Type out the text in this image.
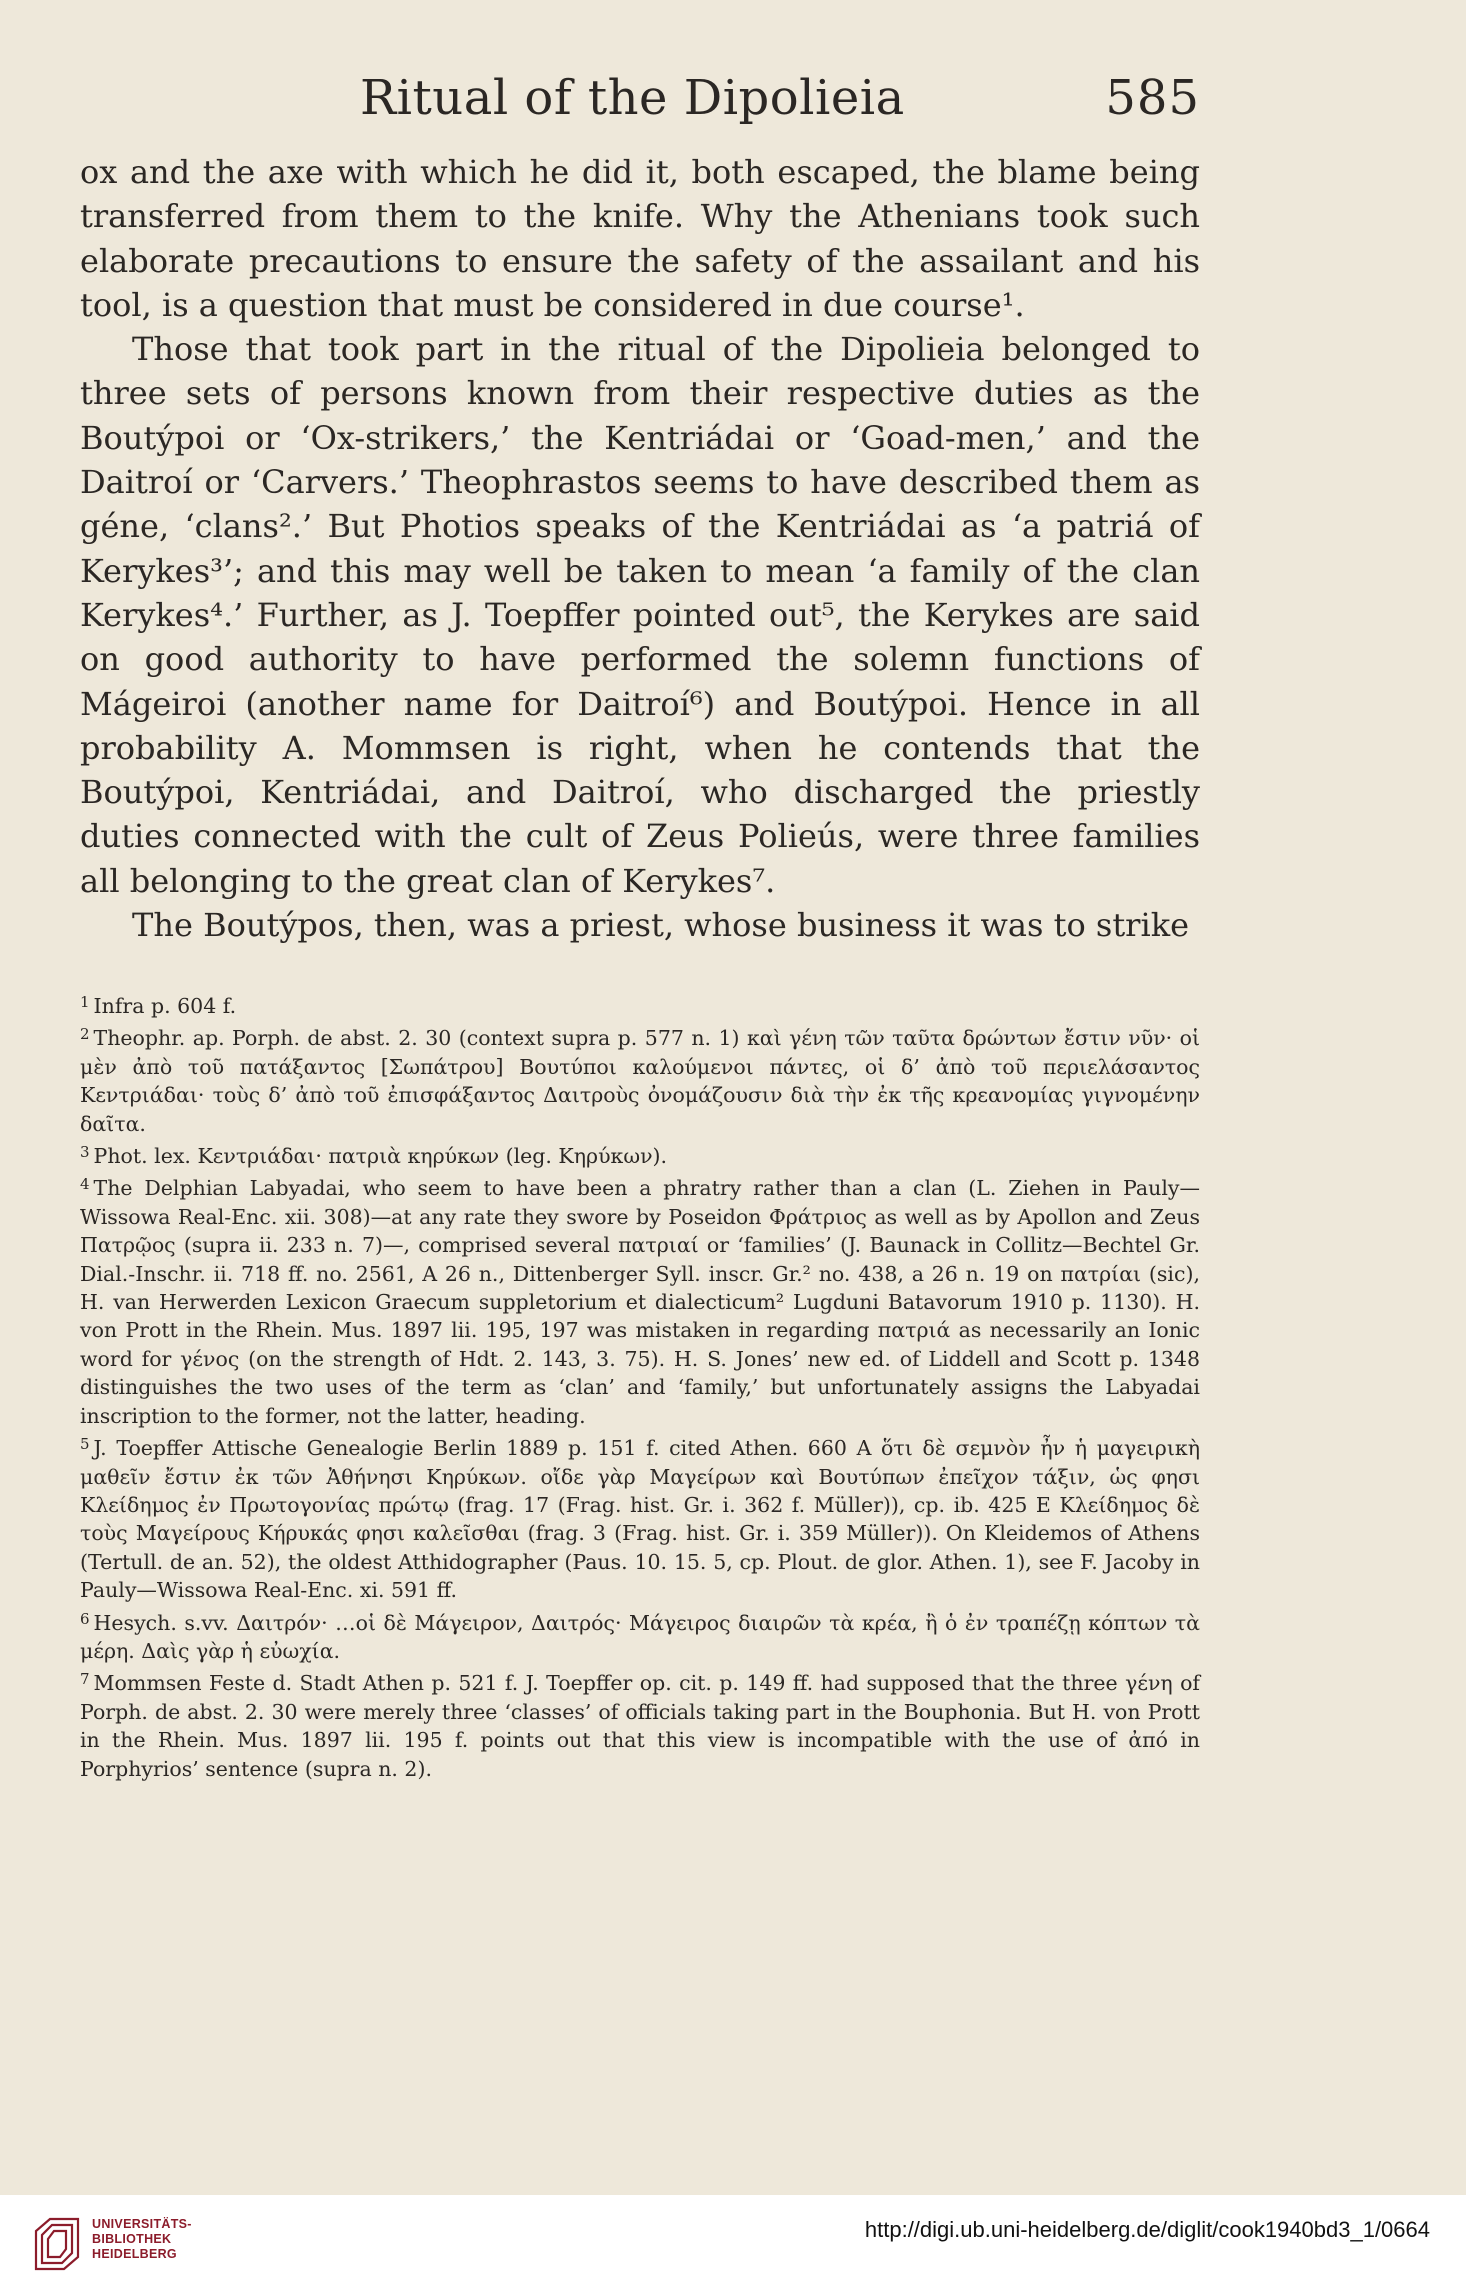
Ritual of the Dipolieia	585

ox and the axe with which he did it, both escaped, the blame being transferred from them to the knife. Why the Athenians took such elaborate precautions to ensure the safety of the assailant and his tool, is a question that must be considered in due course¹.

Those that took part in the ritual of the Dipolieia belonged to three sets of persons known from their respective duties as the Boutýpoi or ‘Ox-strikers,’ the Kentriádai or ‘Goad-men,’ and the Daitroí or ‘Carvers.’ Theophrastos seems to have described them as géne, ‘clans².’ But Photios speaks of the Kentriádai as ‘a patriá of Kerykes³’; and this may well be taken to mean ‘a family of the clan Kerykes⁴.’ Further, as J. Toepffer pointed out⁵, the Kerykes are said on good authority to have performed the solemn functions of Mágeiroi (another name for Daitroí⁶) and Boutýpoi. Hence in all probability A. Mommsen is right, when he contends that the Boutýpoi, Kentriádai, and Daitroí, who discharged the priestly duties connected with the cult of Zeus Polieús, were three families all belonging to the great clan of Kerykes⁷.

The Boutýpos, then, was a priest, whose business it was to strike

$^1$ Infra p. 604 f.

$^2$ Theophr. ap. Porph. de abst. 2. 30 (context supra p. 577 n. 1) καὶ γένη τῶν ταῦτα δρώντων ἔστιν νῦν· οἱ μὲν ἀπὸ τοῦ πατάξαντος [Σωπάτρου] Βουτύποι καλούμενοι πάντες, οἱ δ’ ἀπὸ τοῦ περιελάσαντος Κεντριάδαι· τοὺς δ’ ἀπὸ τοῦ ἐπισφάξαντος Δαιτροὺς ὀνομάζουσιν διὰ τὴν ἐκ τῆς κρεανομίας γιγνομένην δαῖτα.

$^3$ Phot. lex. Κεντριάδαι· πατριὰ κηρύκων (leg. Κηρύκων).

$^4$ The Delphian Labyadai, who seem to have been a phratry rather than a clan (L. Ziehen in Pauly—Wissowa Real-Enc. xii. 308)—at any rate they swore by Poseidon Φράτριος as well as by Apollon and Zeus Πατρῷος (supra ii. 233 n. 7)—, comprised several πατριαί or ‘families’ (J. Baunack in Collitz—Bechtel Gr. Dial.-Inschr. ii. 718 ff. no. 2561, A 26 n., Dittenberger Syll. inscr. Gr.² no. 438, a 26 n. 19 on πατρίαι (sic), H. van Herwerden Lexicon Graecum suppletorium et dialecticum² Lugduni Batavorum 1910 p. 1130). H. von Prott in the Rhein. Mus. 1897 lii. 195, 197 was mistaken in regarding πατριά as necessarily an Ionic word for γένος (on the strength of Hdt. 2. 143, 3. 75). H. S. Jones’ new ed. of Liddell and Scott p. 1348 distinguishes the two uses of the term as ‘clan’ and ‘family,’ but unfortunately assigns the Labyadai inscription to the former, not the latter, heading.

$^5$ J. Toepffer Attische Genealogie Berlin 1889 p. 151 f. cited Athen. 660 A ὅτι δὲ σεμνὸν ἦν ἡ μαγειρικὴ μαθεῖν ἔστιν ἐκ τῶν Ἀθήνησι Κηρύκων. οἴδε γὰρ Μαγείρων καὶ Βουτύπων ἐπεῖχον τάξιν, ὡς φησι Κλείδημος ἐν Πρωτογονίας πρώτῳ (frag. 17 (Frag. hist. Gr. i. 362 f. Müller)), cp. ib. 425 E Κλείδημος δὲ τοὺς Μαγείρους Κήρυκάς φησι καλεῖσθαι (frag. 3 (Frag. hist. Gr. i. 359 Müller)). On Kleidemos of Athens (Tertull. de an. 52), the oldest Atthidographer (Paus. 10. 15. 5, cp. Plout. de glor. Athen. 1), see F. Jacoby in Pauly—Wissowa Real-Enc. xi. 591 ff.

$^6$ Hesych. s.vv. Δαιτρόν· …οἱ δὲ Μάγειρον, Δαιτρός· Μάγειρος διαιρῶν τὰ κρέα, ἢ ὁ ἐν τραπέζῃ κόπτων τὰ μέρη. Δαὶς γὰρ ἡ εὐωχία.

$^7$ Mommsen Feste d. Stadt Athen p. 521 f. J. Toepffer op. cit. p. 149 ff. had supposed that the three γένη of Porph. de abst. 2. 30 were merely three ‘classes’ of officials taking part in the Bouphonia. But H. von Prott in the Rhein. Mus. 1897 lii. 195 f. points out that this view is incompatible with the use of ἀπό in Porphyrios’ sentence (supra n. 2).

UNIVERSITÄTS-
BIBLIOTHEK
HEIDELBERG
http://digi.ub.uni-heidelberg.de/diglit/cook1940bd3_1/0664
